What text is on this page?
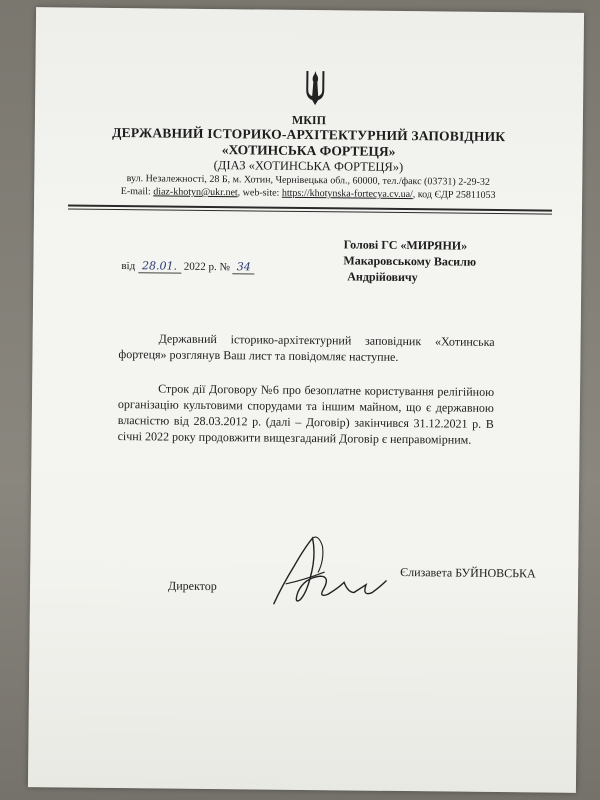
МКІП
ДЕРЖАВНИЙ ІСТОРИКО-АРХІТЕКТУРНИЙ ЗАПОВІДНИК
«ХОТИНСЬКА ФОРТЕЦЯ»
(ДІАЗ «ХОТИНСЬКА ФОРТЕЦЯ»)
вул. Незалежності, 28 Б, м. Хотин, Чернівецька обл., 60000, тел./факс (03731) 2-29-32
E-mail: diaz-khotyn@ukr.net, web-site: https://khotynska-fortecya.cv.ua/, код ЄДР 25811053
від 28.01. 2022 р. № 34
Голові ГС «МИРЯНИ»
Макаровському Василю
Андрійовичу
Державний історико-архітектурний заповідник «Хотинська фортеця» розглянув Ваш лист та повідомляє наступне.
Строк дії Договору №6 про безоплатне користування релігійною організацію культовими спорудами та іншим майном, що є державною власністю від 28.03.2012 р. (далі – Договір) закінчився 31.12.2021 р. В січні 2022 року продовжити вищезгаданий Договір є неправомірним.
Директор
Єлизавета БУЙНОВСЬКА
